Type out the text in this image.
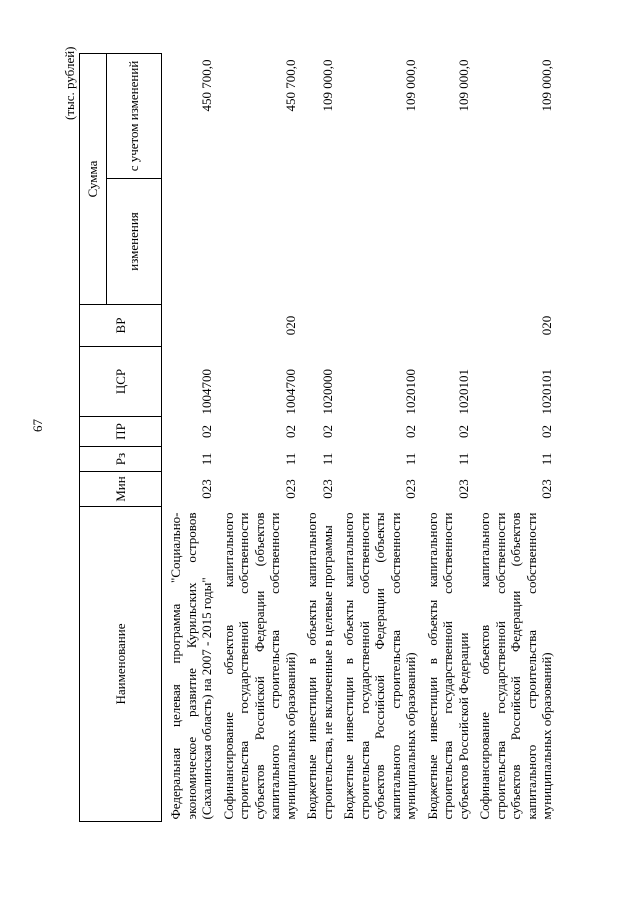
67
(тыс. рублей)
Наименование	Мин	Рз	ПР	ЦСР	ВР	Сумма	
						изменения	с учетом изменений
Федеральная целевая программа "Социально-экономическое развитие Курильских островов (Сахалинская область) на 2007 - 2015 годы"	023	11	02	1004700			450 700,0
Софинансирование объектов капитального строительства государственной собственности субъектов Российской Федерации (объектов капитального строительства собственности муниципальных образований)	023	11	02	1004700	020		450 700,0
Бюджетные инвестиции в объекты капитального строительства, не включенные в целевые программы	023	11	02	1020000			109 000,0
Бюджетные инвестиции в объекты капитального строительства государственной собственности субъектов Российской Федерации (объекты капитального строительства собственности муниципальных образований)	023	11	02	1020100			109 000,0
Бюджетные инвестиции в объекты капитального строительства государственной собственности субъектов Российской Федерации	023	11	02	1020101			109 000,0
Софинансирование объектов капитального строительства государственной собственности субъектов Российской Федерации (объектов капитального строительства собственности муниципальных образований)	023	11	02	1020101	020		109 000,0
